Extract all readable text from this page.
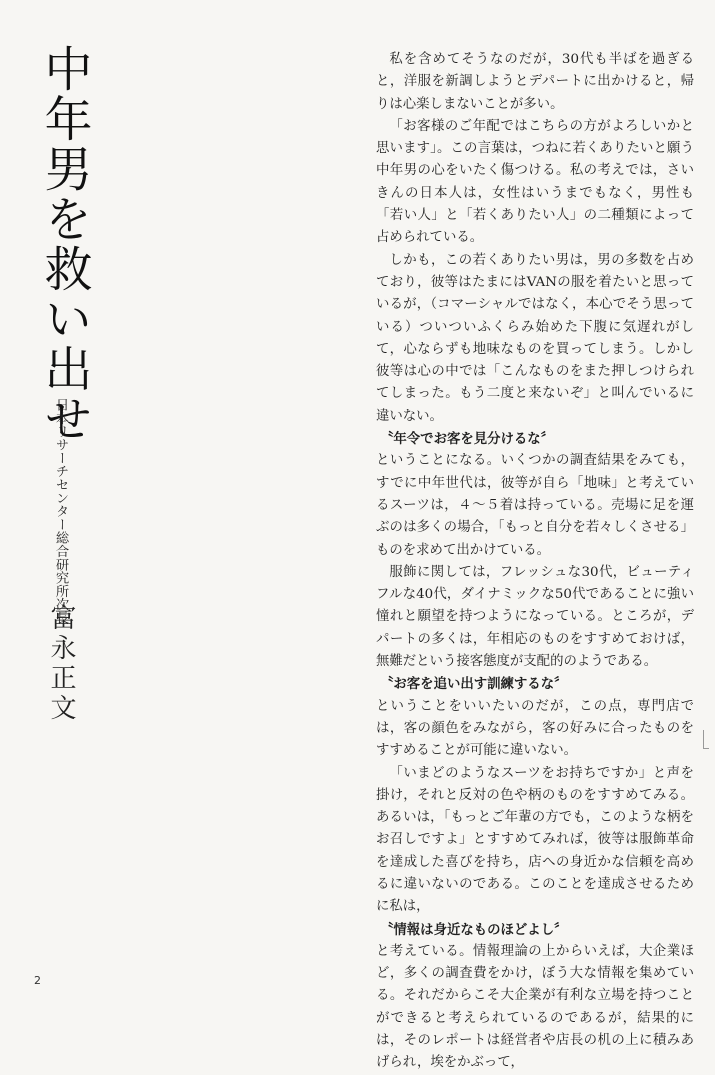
中年男を救い出せ
日本リサーチセンター総合研究所次長
富永正文

私を含めてそうなのだが，30代も半ばを過ぎると，洋服を新調しようとデパートに出かけると，帰りは心楽しまないことが多い。

「お客様のご年配ではこちらの方がよろしいかと思います」。この言葉は，つねに若くありたいと願う中年男の心をいたく傷つける。私の考えでは，さいきんの日本人は，女性はいうまでもなく，男性も「若い人」と「若くありたい人」の二種類によって占められている。

しかも，この若くありたい男は，男の多数を占めており，彼等はたまにはVANの服を着たいと思っているが，（コマーシャルではなく，本心でそう思っている）ついついふくらみ始めた下腹に気遅れがして，心ならずも地味なものを買ってしまう。しかし彼等は心の中では「こんなものをまた押しつけられてしまった。もう二度と来ないぞ」と叫んでいるに違いない。

〝年令でお客を見分けるな〞

ということになる。いくつかの調査結果をみても，すでに中年世代は，彼等が自ら「地味」と考えているスーツは，４～５着は持っている。売場に足を運ぶのは多くの場合，「もっと自分を若々しくさせる」ものを求めて出かけている。

服飾に関しては，フレッシュな30代，ビューティフルな40代，ダイナミックな50代であることに強い憧れと願望を持つようになっている。ところが，デパートの多くは，年相応のものをすすめておけば，無難だという接客態度が支配的のようである。

〝お客を追い出す訓練するな〞

ということをいいたいのだが，この点，専門店では，客の顔色をみながら，客の好みに合ったものをすすめることが可能に違いない。

「いまどのようなスーツをお持ちですか」と声を掛け，それと反対の色や柄のものをすすめてみる。あるいは，「もっとご年輩の方でも，このような柄をお召しですよ」とすすめてみれば，彼等は服飾革命を達成した喜びを持ち，店への身近かな信頼を高めるに違いないのである。このことを達成させるために私は，

〝情報は身近なものほどよし〞

と考えている。情報理論の上からいえば，大企業ほど，多くの調査費をかけ，ぼう大な情報を集めている。それだからこそ大企業が有利な立場を持つことができると考えられているのであるが，結果的には，そのレポートは経営者や店長の机の上に積みあげられ，埃をかぶって，

2
